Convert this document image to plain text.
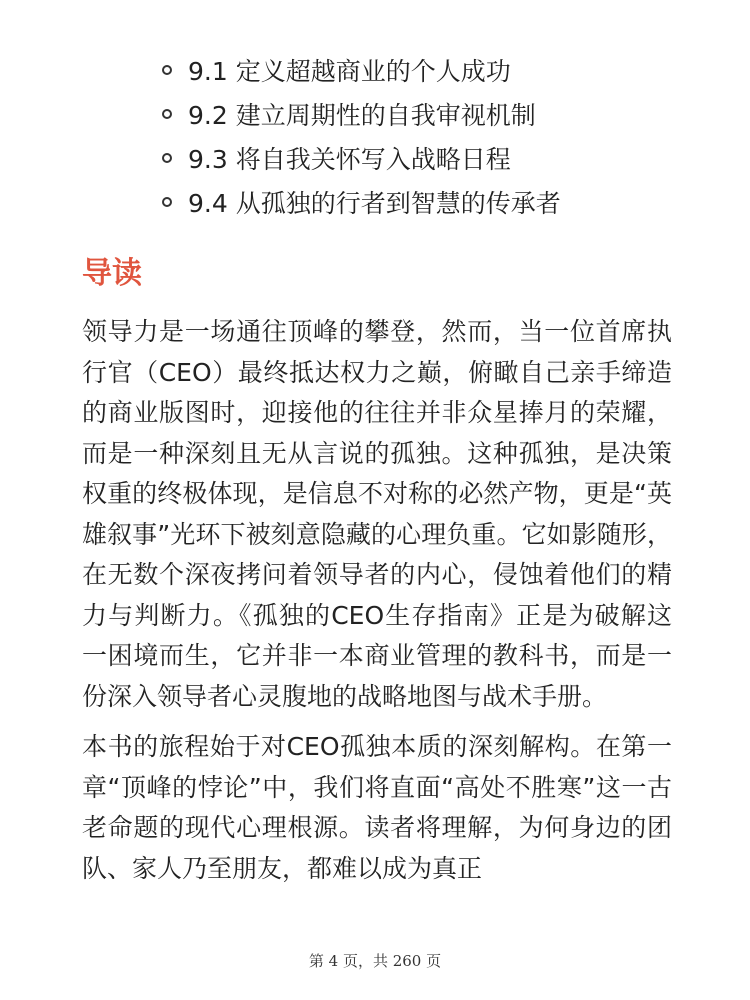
9.1 定义超越商业的个人成功
9.2 建立周期性的自我审视机制
9.3 将自我关怀写入战略日程
9.4 从孤独的行者到智慧的传承者
导读

领导力是一场通往顶峰的攀登，然而，当一位首席执行官（CEO）最终抵达权力之巅，俯瞰自己亲手缔造的商业版图时，迎接他的往往并非众星捧月的荣耀，而是一种深刻且无从言说的孤独。这种孤独，是决策权重的终极体现，是信息不对称的必然产物，更是“英雄叙事”光环下被刻意隐藏的心理负重。它如影随形，在无数个深夜拷问着领导者的内心，侵蚀着他们的精力与判断力。《孤独的CEO生存指南》正是为破解这一困境而生，它并非一本商业管理的教科书，而是一份深入领导者心灵腹地的战略地图与战术手册。

本书的旅程始于对CEO孤独本质的深刻解构。在第一章“顶峰的悖论”中，我们将直面“高处不胜寒”这一古老命题的现代心理根源。读者将理解，为何身边的团队、家人乃至朋友，都难以成为真正

第 4 页，共 260 页
